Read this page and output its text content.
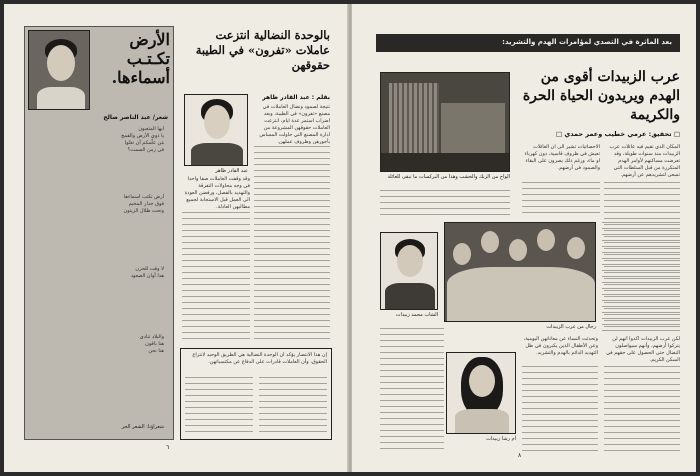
الأرض
تكـتـب
أسماءها.
شعر/ عبد الناصر صالح
أيها المتعبون
يا ذوي الأرض والقمح
مَن علّمكم أن تغنّوا
في زمن الصمت؟
أرض تكتب أسماءها
فوق جدار المخيم
وتحت ظلال الزيتون
لا وقت للحزن
هذا أوان الصعود
والبلاد تنادي
هنا باقون
هنا نحن
شعراؤنا: الشعر الحر
بالوحدة النضالية انتزعت عاملات «تفرون» في الطيبة حقوقهن
عبد القادر ظاهر
بقلم : عبد القادر ظاهر
نتيجة لصمود ونضال العاملات في مصنع «تفرون» في الطيبة، وبعد اضراب استمر عدة ايام، انتزعت العاملات حقوقهن المشروعة من ادارة المصنع التي حاولت المساس بأجورهن وظروف عملهن.
وقد وقفت العاملات صفا واحدا في وجه محاولات التفرقة والتهديد بالفصل، ورفضن العودة الى العمل قبل الاستجابة لجميع مطالبهن العادلة.
إن هذا الانتصار يؤكد أن الوحدة النضالية هي الطريق الوحيد لانتزاع الحقوق، وأن العاملات قادرات على الدفاع عن مكتسباتهن.
٦
بعد الماثرة في التصدي لمؤامرات الهدم والتشريد:
الواح من الزنك والخشب وهذا من البركسات ما تبقى للعائلة
عرب الزبيدات أقوى من الهدم ويريدون الحياة الحرة والكريمة
□ تحقيق: عرمي خطيب وعمر حمدي □
المكان الذي تقيم فيه عائلات عرب الزبيدات منذ سنوات طويلة، وقد تعرضت مساكنهم لأوامر الهدم المتكررة من قبل السلطات التي تسعى لتشريدهم عن أرضهم.
الاحصائيات تشير الى ان العائلات تعيش في ظروف قاسية، دون كهرباء او ماء، ورغم ذلك يصرون على البقاء والصمود في أرضهم.
رجال من عرب الزبيدات
الشاب محمد زبيدات
لكن عرب الزبيدات أكدوا أنهم لن يتركوا أرضهم، وأنهم سيواصلون النضال حتى الحصول على حقهم في السكن الكريم.
وتحدثت النساء عن معاناتهن اليومية، وعن الأطفال الذين يكبرون في ظل التهديد الدائم بالهدم والتشريد.
أم رشا زبيدات
٨
